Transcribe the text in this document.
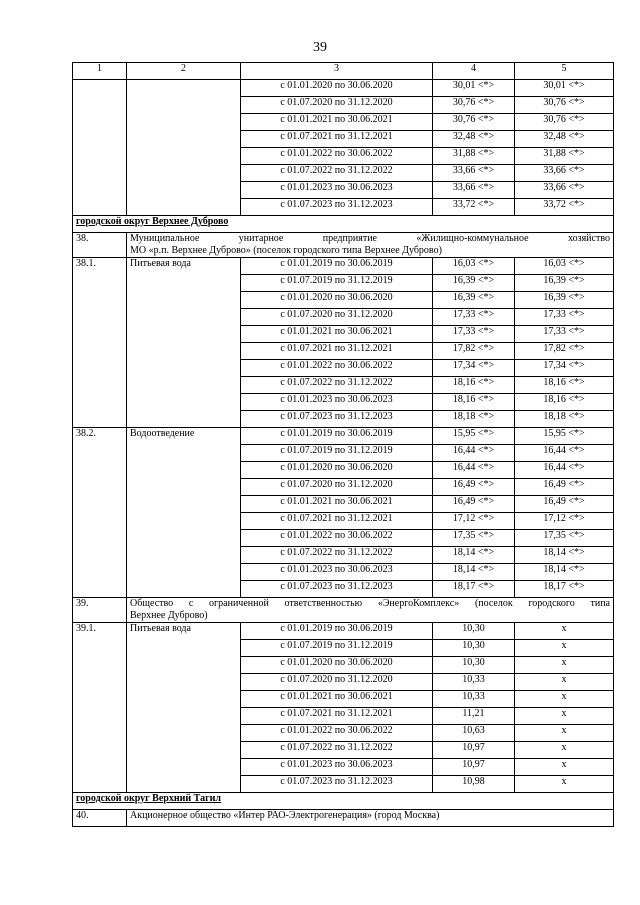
39
1	2	3	4	5
		с 01.01.2020 по 30.06.2020	30,01 <*>	30,01 <*>
		с 01.07.2020 по 31.12.2020	30,76 <*>	30,76 <*>
		с 01.01.2021 по 30.06.2021	30,76 <*>	30,76 <*>
		с 01.07.2021 по 31.12.2021	32,48 <*>	32,48 <*>
		с 01.01.2022 по 30.06.2022	31,88 <*>	31,88 <*>
		с 01.07.2022 по 31.12.2022	33,66 <*>	33,66 <*>
		с 01.01.2023 по 30.06.2023	33,66 <*>	33,66 <*>
		с 01.07.2023 по 31.12.2023	33,72 <*>	33,72 <*>
городской округ Верхнее Дуброво				
38.	Муниципальное унитарное предприятие «Жилищно-коммунальное хозяйство
МО «р.п. Верхнее Дуброво» (поселок городского типа Верхнее Дуброво)			

38.1.	Питьевая вода	с 01.01.2019 по 30.06.2019	16,03 <*>	16,03 <*>
		с 01.07.2019 по 31.12.2019	16,39 <*>	16,39 <*>
		с 01.01.2020 по 30.06.2020	16,39 <*>	16,39 <*>
		с 01.07.2020 по 31.12.2020	17,33 <*>	17,33 <*>
		с 01.01.2021 по 30.06.2021	17,33 <*>	17,33 <*>
		с 01.07.2021 по 31.12.2021	17,82 <*>	17,82 <*>
		с 01.01.2022 по 30.06.2022	17,34 <*>	17,34 <*>
		с 01.07.2022 по 31.12.2022	18,16 <*>	18,16 <*>
		с 01.01.2023 по 30.06.2023	18,16 <*>	18,16 <*>
		с 01.07.2023 по 31.12.2023	18,18 <*>	18,18 <*>
38.2.	Водоотведение	с 01.01.2019 по 30.06.2019	15,95 <*>	15,95 <*>
		с 01.07.2019 по 31.12.2019	16,44 <*>	16,44 <*>
		с 01.01.2020 по 30.06.2020	16,44 <*>	16,44 <*>
		с 01.07.2020 по 31.12.2020	16,49 <*>	16,49 <*>
		с 01.01.2021 по 30.06.2021	16,49 <*>	16,49 <*>
		с 01.07.2021 по 31.12.2021	17,12 <*>	17,12 <*>
		с 01.01.2022 по 30.06.2022	17,35 <*>	17,35 <*>
		с 01.07.2022 по 31.12.2022	18,14 <*>	18,14 <*>
		с 01.01.2023 по 30.06.2023	18,14 <*>	18,14 <*>
		с 01.07.2023 по 31.12.2023	18,17 <*>	18,17 <*>
39.	Общество с ограниченной ответственностью «ЭнергоКомплекс» (поселок городского типа
Верхнее Дуброво)			

39.1.	Питьевая вода	с 01.01.2019 по 30.06.2019	10,30	x
		с 01.07.2019 по 31.12.2019	10,30	x
		с 01.01.2020 по 30.06.2020	10,30	x
		с 01.07.2020 по 31.12.2020	10,33	x
		с 01.01.2021 по 30.06.2021	10,33	x
		с 01.07.2021 по 31.12.2021	11,21	x
		с 01.01.2022 по 30.06.2022	10,63	x
		с 01.07.2022 по 31.12.2022	10,97	x
		с 01.01.2023 по 30.06.2023	10,97	x
		с 01.07.2023 по 31.12.2023	10,98	x
городской округ Верхний Тагил				
40.	Акционерное общество «Интер РАО-Электрогенерация» (город Москва)			
